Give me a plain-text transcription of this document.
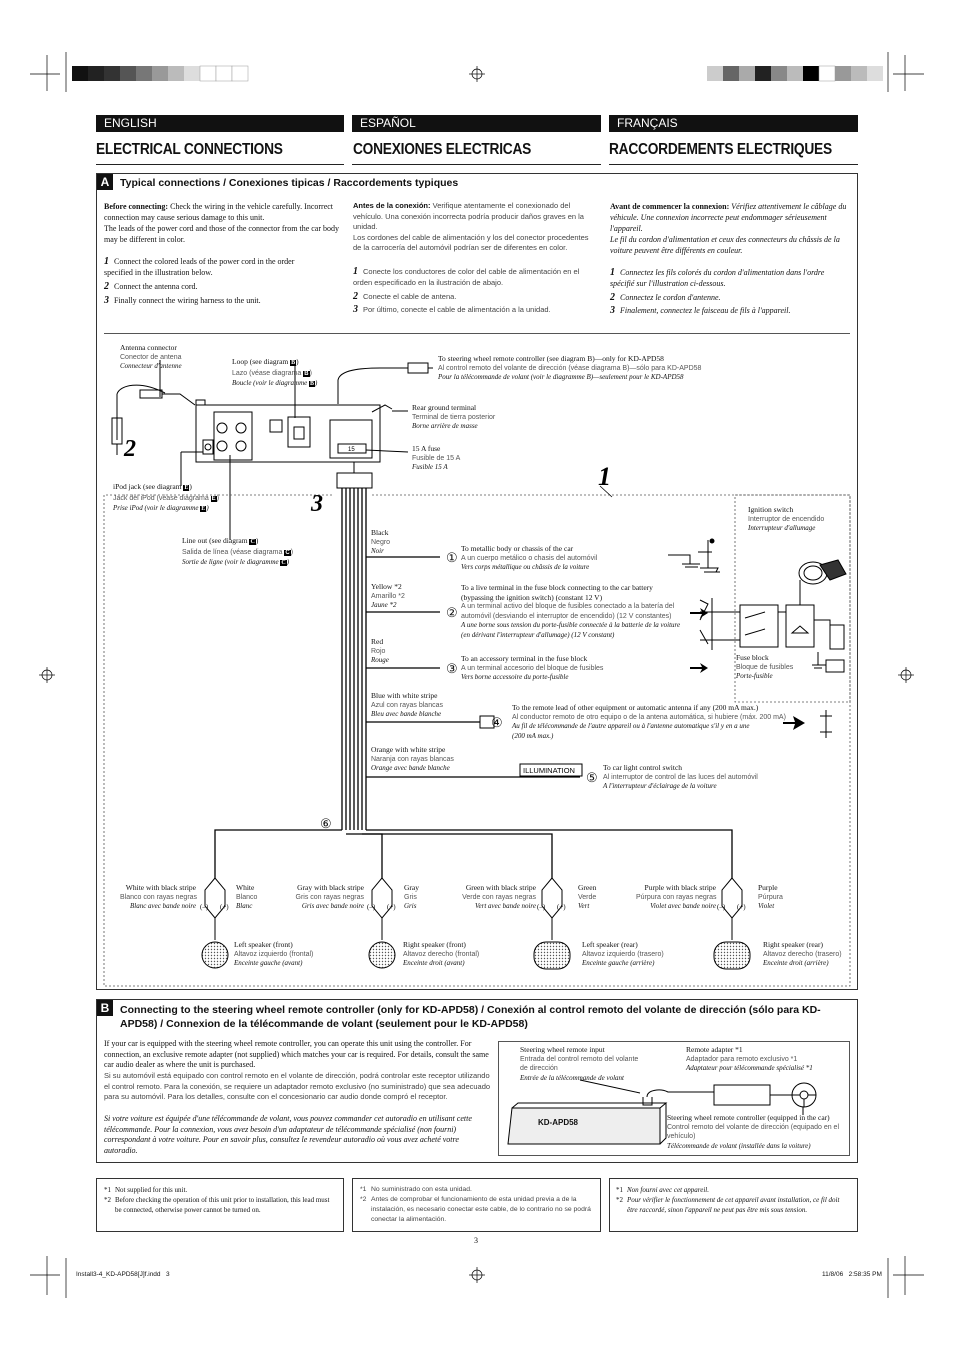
ENGLISH	ESPAÑOL	FRANÇAIS
ELECTRICAL CONNECTIONS	CONEXIONES ELECTRICAS	RACCORDEMENTS ELECTRIQUES
A	Typical connections / Conexiones tipicas / Raccordements typiques
Before connecting: Check the wiring in the vehicle carefully. Incorrect connection may cause serious damage to this unit.
The leads of the power cord and those of the connector from the car body may be different in color.
1 Connect the colored leads of the power cord in the order specified in the illustration below.
2 Connect the antenna cord.
3 Finally connect the wiring harness to the unit.
Antes de la conexión: Verifique atentamente el conexionado del vehículo. Una conexión incorrecta podría producir daños graves en la unidad.
Los cordones del cable de alimentación y los del conector procedentes de la carrocería del automóvil podrían ser de diferentes en color.
1 Conecte los conductores de color del cable de alimentación en el orden especificado en la ilustración de abajo.
2 Conecte el cable de antena.
3 Por último, conecte el cable de alimentación a la unidad.
Avant de commencer la connexion: Vérifiez attentivement le câblage du véhicule. Une connexion incorrecte peut endommager sérieusement l'appareil.
Le fil du cordon d'alimentation et ceux des connecteurs du châssis de la voiture peuvent être différents en couleur.
1 Connectez les fils colorés du cordon d'alimentation dans l'ordre spécifié sur l'illustration ci-dessous.
2 Connectez le cordon d'antenne.
3 Finalement, connectez le faisceau de fils à l'appareil.
2
3
1
15
ILLUMINATION
Antenna connector
Conector de antena
Connecteur d'antenne	Loop (see diagram B)
Lazo (véase diagrama B)
Boucle (voir le diagramme B)
To steering wheel remote controller (see diagram B)—only for KD-APD58
Al control remoto del volante de dirección (véase diagrama B)—sólo para KD-APD58
Pour la télécommande de volant (voir le diagramme B)—seulement pour le KD-APD58
Rear ground terminal
Terminal de tierra posterior
Borne arrière de masse
15 A fuse
Fusible de 15 A
Fusible 15 A
iPod jack (see diagram E)
Jack del iPod (véase diagrama E)
Prise iPod (voir le diagramme E)
Line out (see diagram C)
Salida de línea (véase diagrama C)
Sortie de ligne (voir le diagramme C)
Ignition switch
Interruptor de encendido
Interrupteur d'allumage
Fuse block
Bloque de fusibles
Porte-fusible
Black
Negro
Noir
Yellow *2
Amarillo *2
Jaune *2
Red
Rojo
Rouge
Blue with white stripe
Azul con rayas blancas
Bleu avec bande blanche
Orange with white stripe
Naranja con rayas blancas
Orange avec bande blanche
①
②
③
④
⑤
⑥
To metallic body or chassis of the car
A un cuerpo metálico o chasis del automóvil
Vers corps métallique ou châssis de la voiture
To a live terminal in the fuse block connecting to the car battery (bypassing the ignition switch) (constant 12 V)
A un terminal activo del bloque de fusibles conectado a la batería del automóvil (desviando el interruptor de encendido) (12 V constantes)
A une borne sous tension du porte-fusible connectée à la batterie de la voiture (en dérivant l'interrupteur d'allumage) (12 V constant)
To an accessory terminal in the fuse block
A un terminal accesorio del bloque de fusibles
Vers borne accessoire du porte-fusible
To the remote lead of other equipment or automatic antenna if any (200 mA max.)
Al conductor remoto de otro equipo o de la antena automática, si hubiere (máx. 200 mA)
Au fil de télécommande de l'autre appareil ou à l'antenne automatique s'il y en a une
(200 mA max.)
To car light control switch
Al interruptor de control de las luces del automóvil
A l'interrupteur d'éclairage de la voiture
White with black stripe
Blanco con rayas negras
Blanc avec bande noire
White
Blanco
Blanc
(–) (+)
Left speaker (front)
Altavoz izquierdo (frontal)
Enceinte gauche (avant)
Gray with black stripe
Gris con rayas negras
Gris avec bande noire
Gray
Gris
Gris
(–) (+)
Right speaker (front)
Altavoz derecho (frontal)
Enceinte droit (avant)
Green with black stripe
Verde con rayas negras
Vert avec bande noire
Green
Verde
Vert
(–) (+)
Left speaker (rear)
Altavoz izquierdo (trasero)
Enceinte gauche (arrière)
Purple with black stripe
Púrpura con rayas negras
Violet avec bande noire
Purple
Púrpura
Violet
(–) (+)
Right speaker (rear)
Altavoz derecho (trasero)
Enceinte droit (arrière)
B	Connecting to the steering wheel remote controller (only for KD-APD58) / Conexión al control remoto del volante de dirección (sólo para KD-APD58) / Connexion de la télécommande de volant (seulement pour le KD-APD58)
If your car is equipped with the steering wheel remote controller, you can operate this unit using the controller. For connection, an exclusive remote adapter (not supplied) which matches your car is required. For details, consult the same car audio dealer as where the unit is purchased.
Si su automóvil está equipado con control remoto en el volante de dirección, podrá controlar este receptor utilizando el control remoto. Para la conexión, se requiere un adaptador remoto exclusivo (no suministrado) que sea adecuado para su automóvil. Para los detalles, consulte con el concesionario car audio donde compró el receptor.
Si votre voiture est équipée d'une télécommande de volant, vous pouvez commander cet autoradio en utilisant cette télécommande. Pour la connexion, vous avez besoin d'un adaptateur de télécommande spécialisé (non fourni) correspondant à votre voiture. Pour en savoir plus, consultez le revendeur autoradio où vous avez acheté votre autoradio.
KD-APD58
Steering wheel remote input
Entrada del control remoto del volante de dirección
Entrée de la télécommande de volant
Remote adapter *1
Adaptador para remoto exclusivo *1
Adaptateur pour télécommande spécialisé *1
Steering wheel remote controller (equipped in the car)
Control remoto del volante de dirección (equipado en el vehículo)
Télécommande de volant (installée dans la voiture)
*1 Not supplied for this unit.
*2 Before checking the operation of this unit prior to installation, this lead must be connected, otherwise power cannot be turned on.
*1 No suministrado con esta unidad.
*2 Antes de comprobar el funcionamiento de esta unidad previa a de la instalación, es necesario conectar este cable, de lo contrario no se podrá conectar la alimentación.
*1 Non fourni avec cet appareil.
*2 Pour vérifier le fonctionnement de cet appareil avant installation, ce fil doit être raccordé, sinon l'appareil ne peut pas être mis sous tension.
3
Install3-4_KD-APD58[J]f.indd   3	11/8/06   2:58:35 PM
